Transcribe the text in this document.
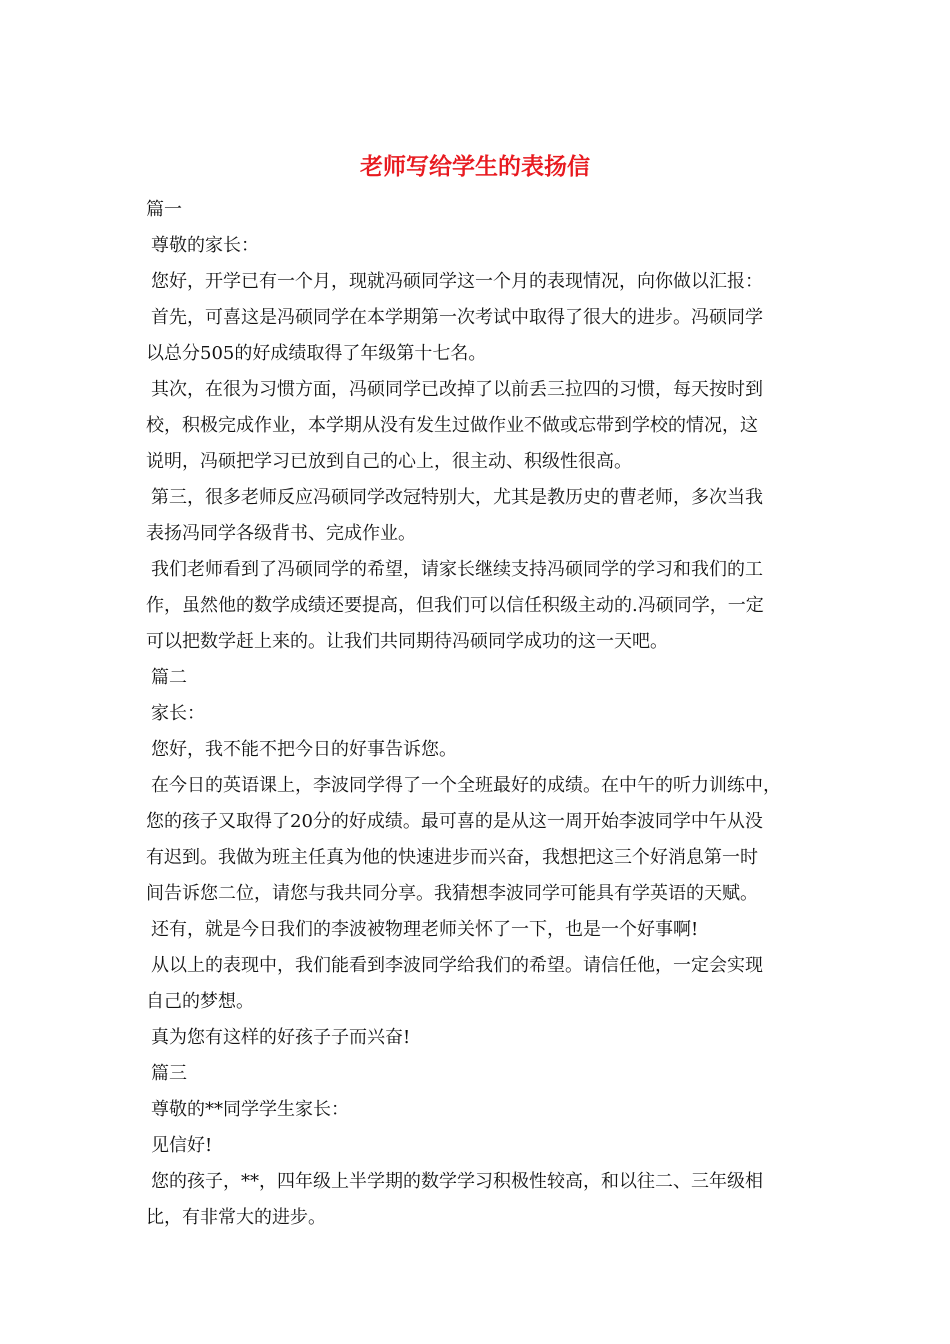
老师写给学生的表扬信
篇一
尊敬的家长：
您好，开学已有一个月，现就冯硕同学这一个月的表现情况，向你做以汇报：
首先，可喜这是冯硕同学在本学期第一次考试中取得了很大的进步。冯硕同学
以总分505的好成绩取得了年级第十七名。
其次，在很为习惯方面，冯硕同学已改掉了以前丢三拉四的习惯，每天按时到
校，积极完成作业，本学期从没有发生过做作业不做或忘带到学校的情况，这
说明，冯硕把学习已放到自己的心上，很主动、积级性很高。
第三，很多老师反应冯硕同学改冠特别大，尤其是教历史的曹老师，多次当我
表扬冯同学各级背书、完成作业。
我们老师看到了冯硕同学的希望，请家长继续支持冯硕同学的学习和我们的工
作，虽然他的数学成绩还要提高，但我们可以信任积级主动的.冯硕同学，一定
可以把数学赶上来的。让我们共同期待冯硕同学成功的这一天吧。
篇二
家长：
您好，我不能不把今日的好事告诉您。
在今日的英语课上，李波同学得了一个全班最好的成绩。在中午的听力训练中，
您的孩子又取得了20分的好成绩。最可喜的是从这一周开始李波同学中午从没
有迟到。我做为班主任真为他的快速进步而兴奋，我想把这三个好消息第一时
间告诉您二位，请您与我共同分享。我猜想李波同学可能具有学英语的天赋。
还有，就是今日我们的李波被物理老师关怀了一下，也是一个好事啊!
从以上的表现中，我们能看到李波同学给我们的希望。请信任他，一定会实现
自己的梦想。
真为您有这样的好孩子子而兴奋!
篇三
尊敬的**同学学生家长：
见信好!
您的孩子，**，四年级上半学期的数学学习积极性较高，和以往二、三年级相
比，有非常大的进步。
